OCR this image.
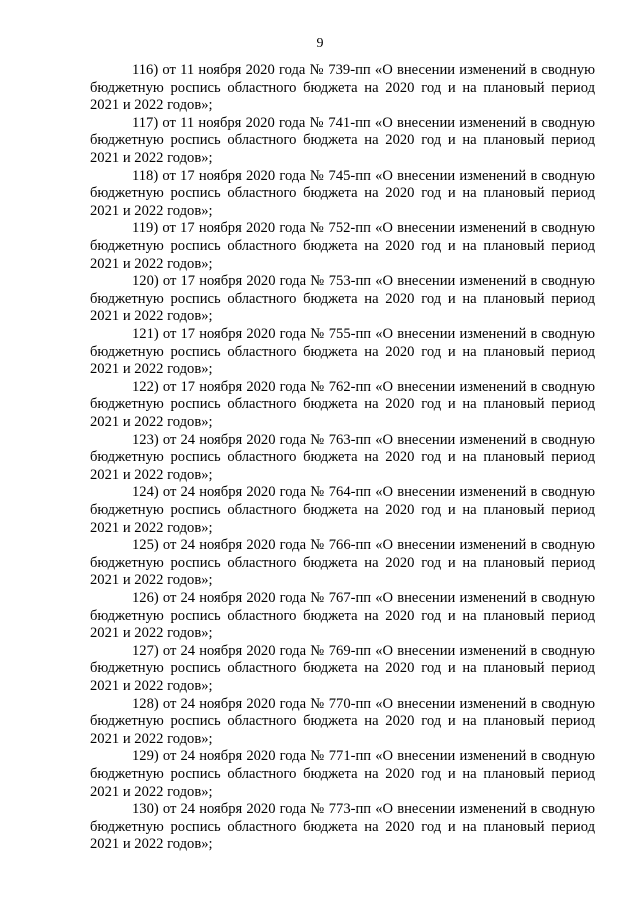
9
116) от 11 ноября 2020 года № 739-пп «О внесении изменений в сводную
бюджетную роспись областного бюджета на 2020 год и на плановый период
2021 и 2022 годов»;
117) от 11 ноября 2020 года № 741-пп «О внесении изменений в сводную
бюджетную роспись областного бюджета на 2020 год и на плановый период
2021 и 2022 годов»;
118) от 17 ноября 2020 года № 745-пп «О внесении изменений в сводную
бюджетную роспись областного бюджета на 2020 год и на плановый период
2021 и 2022 годов»;
119) от 17 ноября 2020 года № 752-пп «О внесении изменений в сводную
бюджетную роспись областного бюджета на 2020 год и на плановый период
2021 и 2022 годов»;
120) от 17 ноября 2020 года № 753-пп «О внесении изменений в сводную
бюджетную роспись областного бюджета на 2020 год и на плановый период
2021 и 2022 годов»;
121) от 17 ноября 2020 года № 755-пп «О внесении изменений в сводную
бюджетную роспись областного бюджета на 2020 год и на плановый период
2021 и 2022 годов»;
122) от 17 ноября 2020 года № 762-пп «О внесении изменений в сводную
бюджетную роспись областного бюджета на 2020 год и на плановый период
2021 и 2022 годов»;
123) от 24 ноября 2020 года № 763-пп «О внесении изменений в сводную
бюджетную роспись областного бюджета на 2020 год и на плановый период
2021 и 2022 годов»;
124) от 24 ноября 2020 года № 764-пп «О внесении изменений в сводную
бюджетную роспись областного бюджета на 2020 год и на плановый период
2021 и 2022 годов»;
125) от 24 ноября 2020 года № 766-пп «О внесении изменений в сводную
бюджетную роспись областного бюджета на 2020 год и на плановый период
2021 и 2022 годов»;
126) от 24 ноября 2020 года № 767-пп «О внесении изменений в сводную
бюджетную роспись областного бюджета на 2020 год и на плановый период
2021 и 2022 годов»;
127) от 24 ноября 2020 года № 769-пп «О внесении изменений в сводную
бюджетную роспись областного бюджета на 2020 год и на плановый период
2021 и 2022 годов»;
128) от 24 ноября 2020 года № 770-пп «О внесении изменений в сводную
бюджетную роспись областного бюджета на 2020 год и на плановый период
2021 и 2022 годов»;
129) от 24 ноября 2020 года № 771-пп «О внесении изменений в сводную
бюджетную роспись областного бюджета на 2020 год и на плановый период
2021 и 2022 годов»;
130) от 24 ноября 2020 года № 773-пп «О внесении изменений в сводную
бюджетную роспись областного бюджета на 2020 год и на плановый период
2021 и 2022 годов»;
